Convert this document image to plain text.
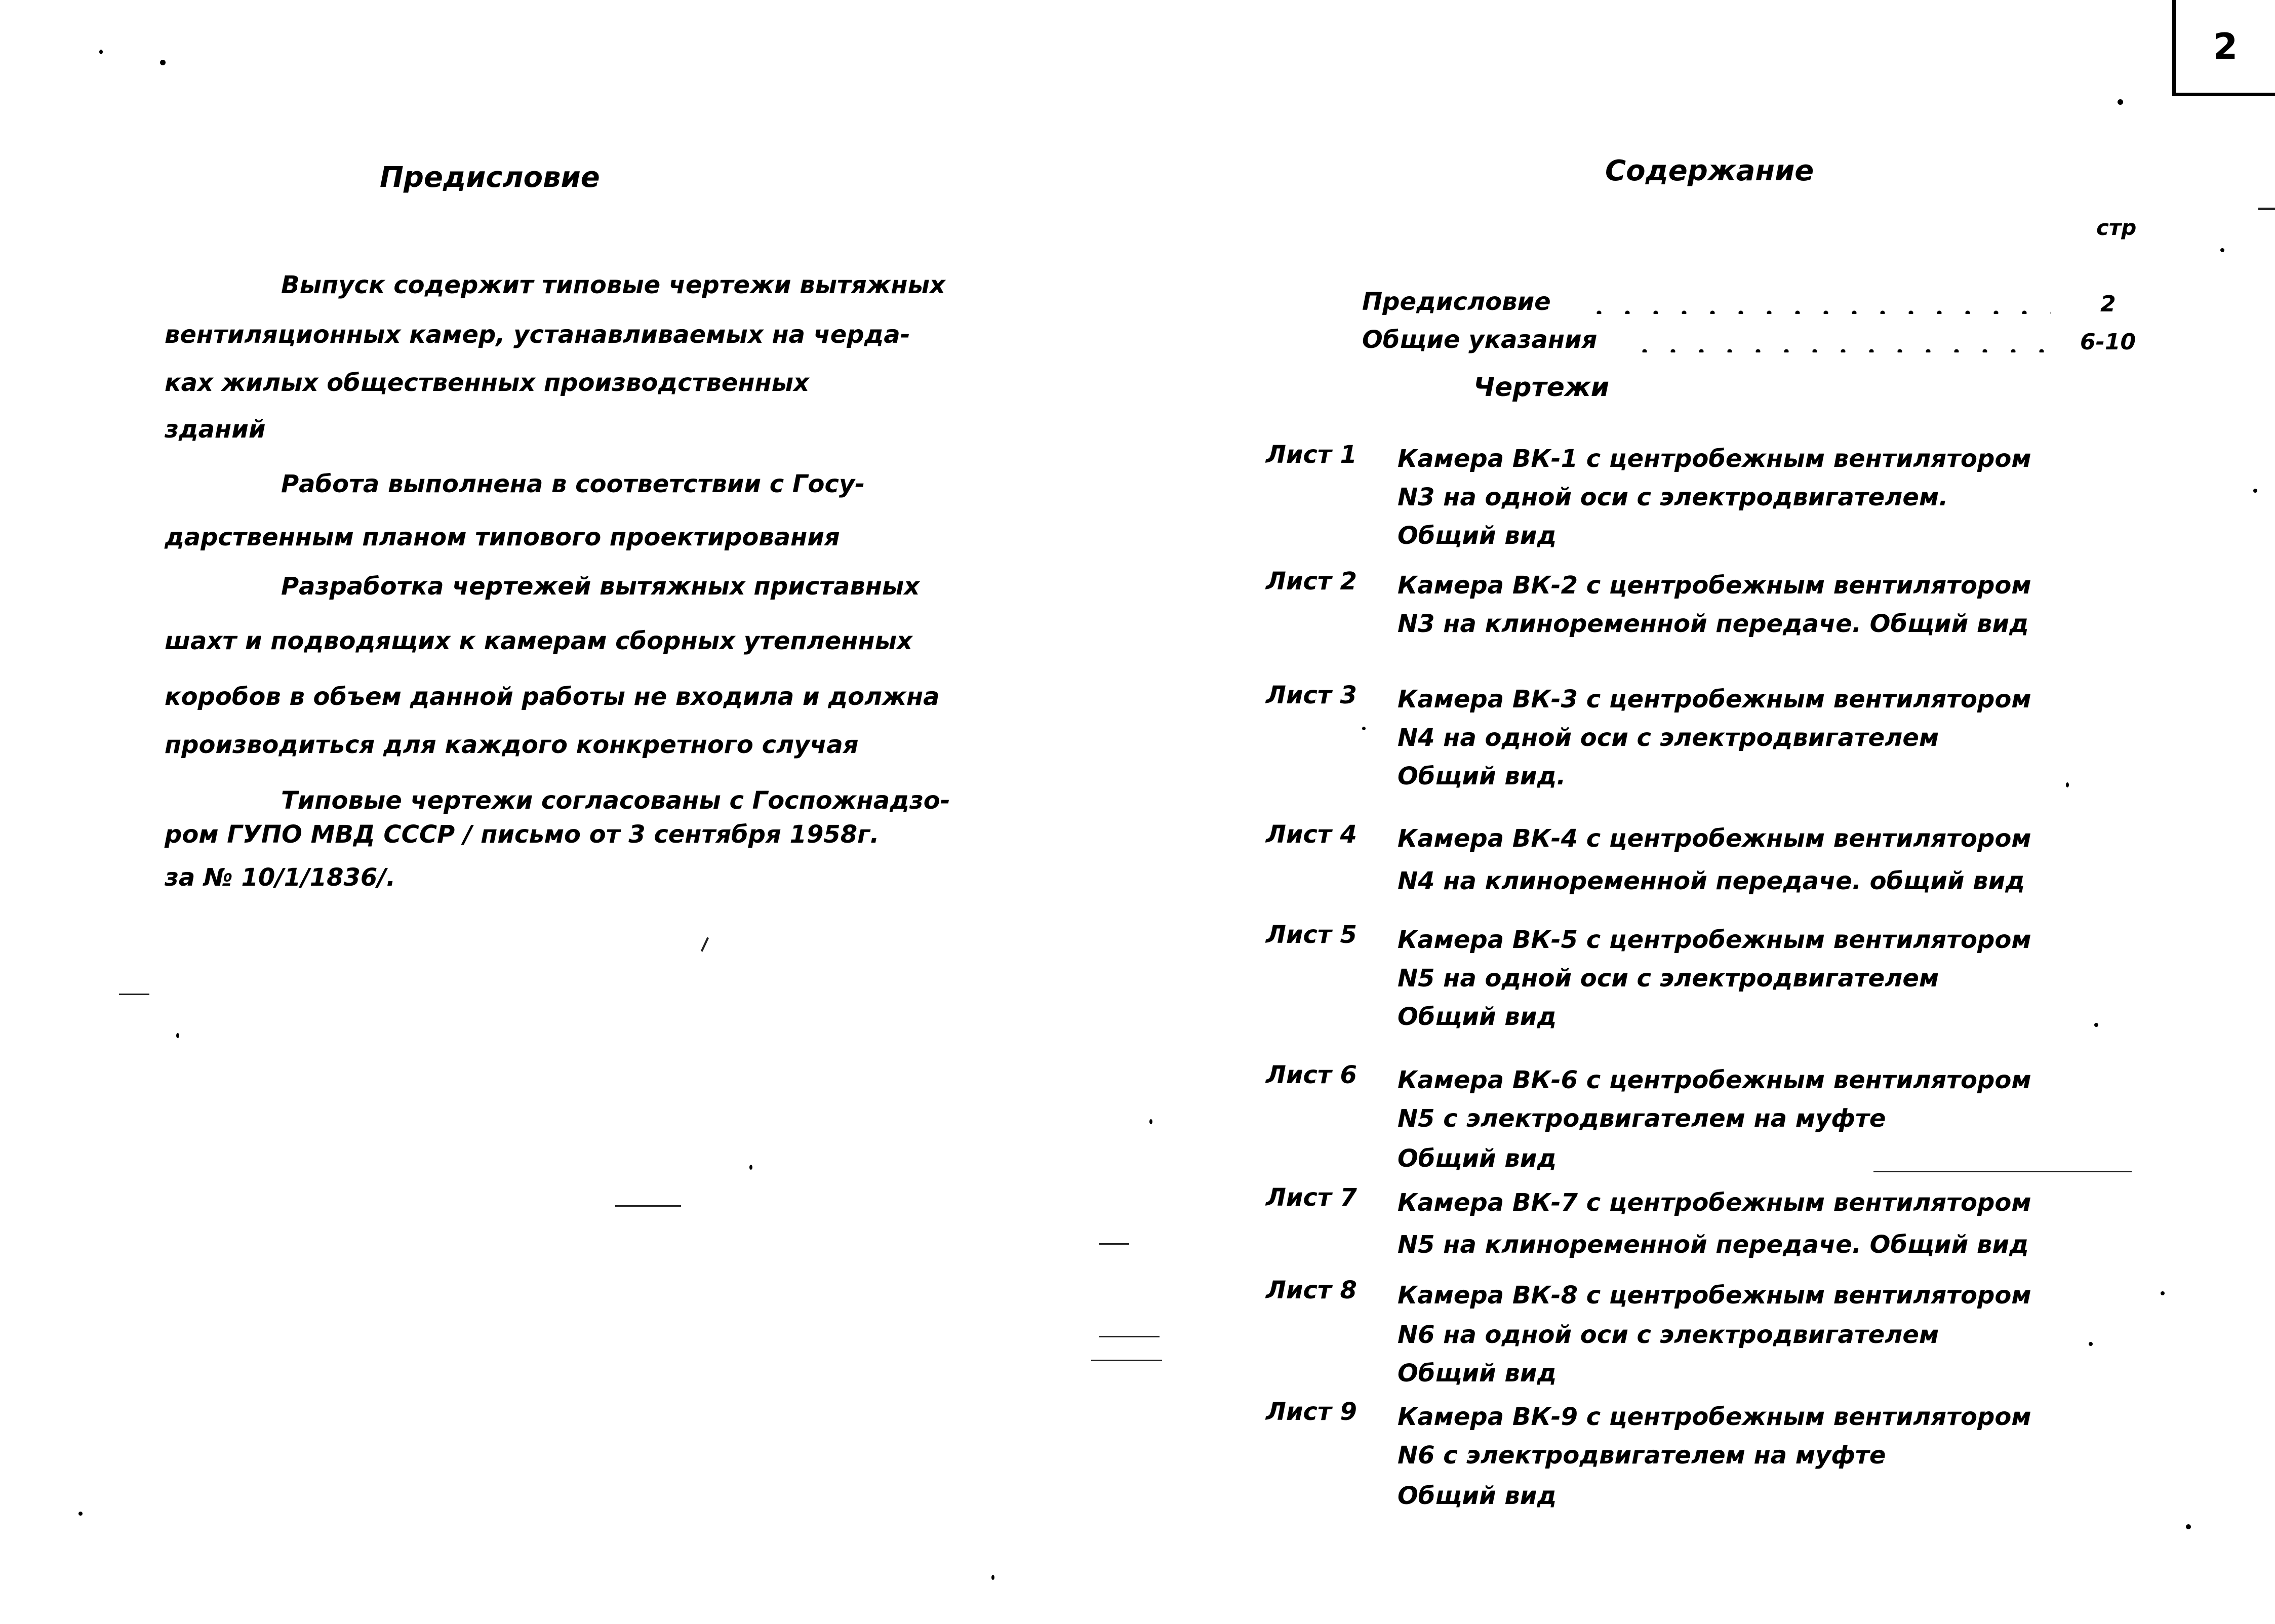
2
Предисловие
Выпуск содержит типовые чертежи вытяжных
вентиляционных камер, устанавливаемых на черда-
ках жилых общественных производственных
зданий
Работа выполнена в соответствии с Госу-
дарственным планом типового проектирования
Разработка чертежей вытяжных приставных
шахт и подводящих к камерам сборных утепленных
коробов в объем данной работы не входила и должна
производиться для каждого конкретного случая
Типовые чертежи согласованы с Госпожнадзо-
ром ГУПО МВД СССР / письмо от 3 сентября 1958г.
за № 10/1/1836/.
Содержание
стр
Предисловие	2
Общие указания	6-10
Чертежи
Лист 1 Камера ВК-1 с центробежным вентилятором
N3 на одной оси с электродвигателем.
Общий вид
Лист 2 Камера ВК-2 с центробежным вентилятором
N3 на клиноременной передаче. Общий вид
Лист 3 Камера ВК-3 с центробежным вентилятором
N4 на одной оси с электродвигателем
Общий вид.
Лист 4 Камера ВК-4 с центробежным вентилятором
N4 на клиноременной передаче. общий вид
Лист 5 Камера ВК-5 с центробежным вентилятором
N5 на одной оси с электродвигателем
Общий вид
Лист 6 Камера ВК-6 с центробежным вентилятором
N5 с электродвигателем на муфте
Общий вид
Лист 7 Камера ВК-7 с центробежным вентилятором
N5 на клиноременной передаче. Общий вид
Лист 8 Камера ВК-8 с центробежным вентилятором
N6 на одной оси с электродвигателем
Общий вид
Лист 9 Камера ВК-9 с центробежным вентилятором
N6 с электродвигателем на муфте
Общий вид
